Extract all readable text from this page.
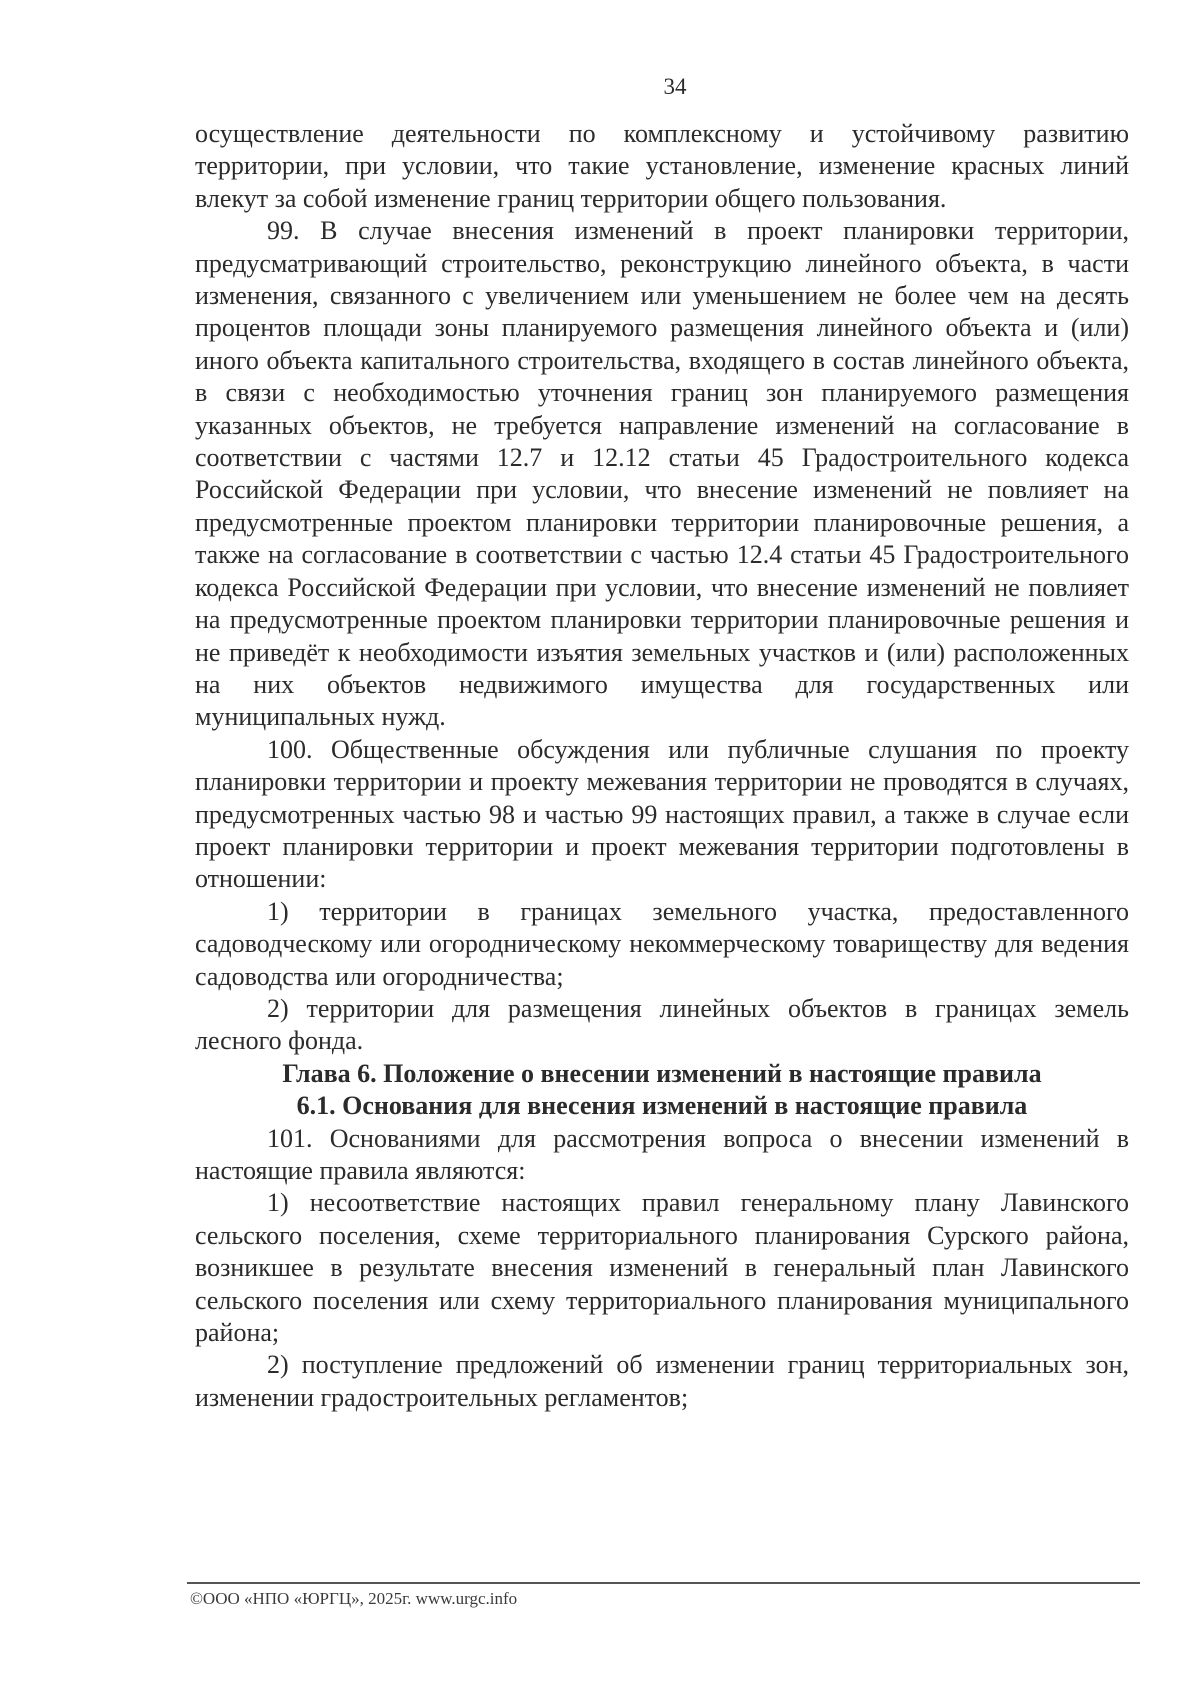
34

осуществление деятельности по комплексному и устойчивому развитию территории, при условии, что такие установление, изменение красных линий влекут за собой изменение границ территории общего пользования.

99. В случае внесения изменений в проект планировки территории, предусматривающий строительство, реконструкцию линейного объекта, в части изменения, связанного с увеличением или уменьшением не более чем на десять процентов площади зоны планируемого размещения линейного объекта и (или) иного объекта капитального строительства, входящего в состав линейного объекта, в связи с необходимостью уточнения границ зон планируемого размещения указанных объектов, не требуется направление изменений на согласование в соответствии с частями 12.7 и 12.12 статьи 45 Градостроительного кодекса Российской Федерации при условии, что внесение изменений не повлияет на предусмотренные проектом планировки территории планировочные решения, а также на согласование в соответствии с частью 12.4 статьи 45 Градостроительного кодекса Российской Федерации при условии, что внесение изменений не повлияет на предусмотренные проектом планировки территории планировочные решения и не приведёт к необходимости изъятия земельных участков и (или) расположенных на них объектов недвижимого имущества для государственных или муниципальных нужд.

100. Общественные обсуждения или публичные слушания по проекту планировки территории и проекту межевания территории не проводятся в случаях, предусмотренных частью 98 и частью 99 настоящих правил, а также в случае если проект планировки территории и проект межевания территории подготовлены в отношении:

1) территории в границах земельного участка, предоставленного садоводческому или огородническому некоммерческому товариществу для ведения садоводства или огородничества;

2) территории для размещения линейных объектов в границах земель лесного фонда.

Глава 6. Положение о внесении изменений в настоящие правила

6.1. Основания для внесения изменений в настоящие правила

101. Основаниями для рассмотрения вопроса о внесении изменений в настоящие правила являются:

1) несоответствие настоящих правил генеральному плану Лавинского сельского поселения, схеме территориального планирования Сурского района, возникшее в результате внесения изменений в генеральный план Лавинского сельского поселения или схему территориального планирования муниципального района;

2) поступление предложений об изменении границ территориальных зон, изменении градостроительных регламентов;

©ООО «НПО «ЮРГЦ», 2025г. www.urgc.info
